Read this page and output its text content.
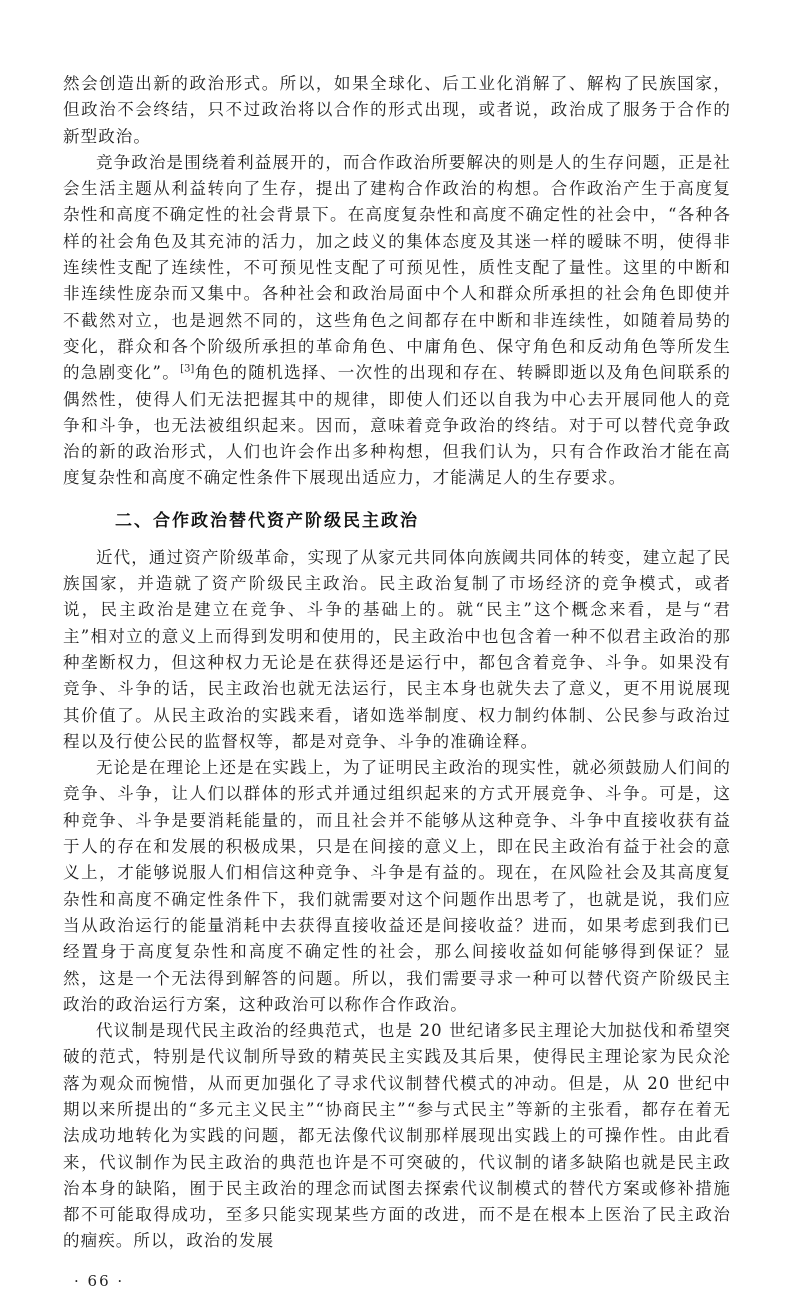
然会创造出新的政治形式。所以，如果全球化、后工业化消解了、解构了民族国家，但政治不会终结，只不过政治将以合作的形式出现，或者说，政治成了服务于合作的新型政治。

竞争政治是围绕着利益展开的，而合作政治所要解决的则是人的生存问题，正是社会生活主题从利益转向了生存，提出了建构合作政治的构想。合作政治产生于高度复杂性和高度不确定性的社会背景下。在高度复杂性和高度不确定性的社会中，“各种各样的社会角色及其充沛的活力，加之歧义的集体态度及其迷一样的暧昧不明，使得非连续性支配了连续性，不可预见性支配了可预见性，质性支配了量性。这里的中断和非连续性庞杂而又集中。各种社会和政治局面中个人和群众所承担的社会角色即使并不截然对立，也是迥然不同的，这些角色之间都存在中断和非连续性，如随着局势的变化，群众和各个阶级所承担的革命角色、中庸角色、保守角色和反动角色等所发生的急剧变化”。[3]角色的随机选择、一次性的出现和存在、转瞬即逝以及角色间联系的偶然性，使得人们无法把握其中的规律，即使人们还以自我为中心去开展同他人的竞争和斗争，也无法被组织起来。因而，意味着竞争政治的终结。对于可以替代竞争政治的新的政治形式，人们也许会作出多种构想，但我们认为，只有合作政治才能在高度复杂性和高度不确定性条件下展现出适应力，才能满足人的生存要求。

二、合作政治替代资产阶级民主政治

近代，通过资产阶级革命，实现了从家元共同体向族阈共同体的转变，建立起了民族国家，并造就了资产阶级民主政治。民主政治复制了市场经济的竞争模式，或者说，民主政治是建立在竞争、斗争的基础上的。就“民主”这个概念来看，是与“君主”相对立的意义上而得到发明和使用的，民主政治中也包含着一种不似君主政治的那种垄断权力，但这种权力无论是在获得还是运行中，都包含着竞争、斗争。如果没有竞争、斗争的话，民主政治也就无法运行，民主本身也就失去了意义，更不用说展现其价值了。从民主政治的实践来看，诸如选举制度、权力制约体制、公民参与政治过程以及行使公民的监督权等，都是对竞争、斗争的准确诠释。

无论是在理论上还是在实践上，为了证明民主政治的现实性，就必须鼓励人们间的竞争、斗争，让人们以群体的形式并通过组织起来的方式开展竞争、斗争。可是，这种竞争、斗争是要消耗能量的，而且社会并不能够从这种竞争、斗争中直接收获有益于人的存在和发展的积极成果，只是在间接的意义上，即在民主政治有益于社会的意义上，才能够说服人们相信这种竞争、斗争是有益的。现在，在风险社会及其高度复杂性和高度不确定性条件下，我们就需要对这个问题作出思考了，也就是说，我们应当从政治运行的能量消耗中去获得直接收益还是间接收益？进而，如果考虑到我们已经置身于高度复杂性和高度不确定性的社会，那么间接收益如何能够得到保证？显然，这是一个无法得到解答的问题。所以，我们需要寻求一种可以替代资产阶级民主政治的政治运行方案，这种政治可以称作合作政治。

代议制是现代民主政治的经典范式，也是 20 世纪诸多民主理论大加挞伐和希望突破的范式，特别是代议制所导致的精英民主实践及其后果，使得民主理论家为民众沦落为观众而惋惜，从而更加强化了寻求代议制替代模式的冲动。但是，从 20 世纪中期以来所提出的“多元主义民主”“协商民主”“参与式民主”等新的主张看，都存在着无法成功地转化为实践的问题，都无法像代议制那样展现出实践上的可操作性。由此看来，代议制作为民主政治的典范也许是不可突破的，代议制的诸多缺陷也就是民主政治本身的缺陷，囿于民主政治的理念而试图去探索代议制模式的替代方案或修补措施都不可能取得成功，至多只能实现某些方面的改进，而不是在根本上医治了民主政治的痼疾。所以，政治的发展

· 66 ·
